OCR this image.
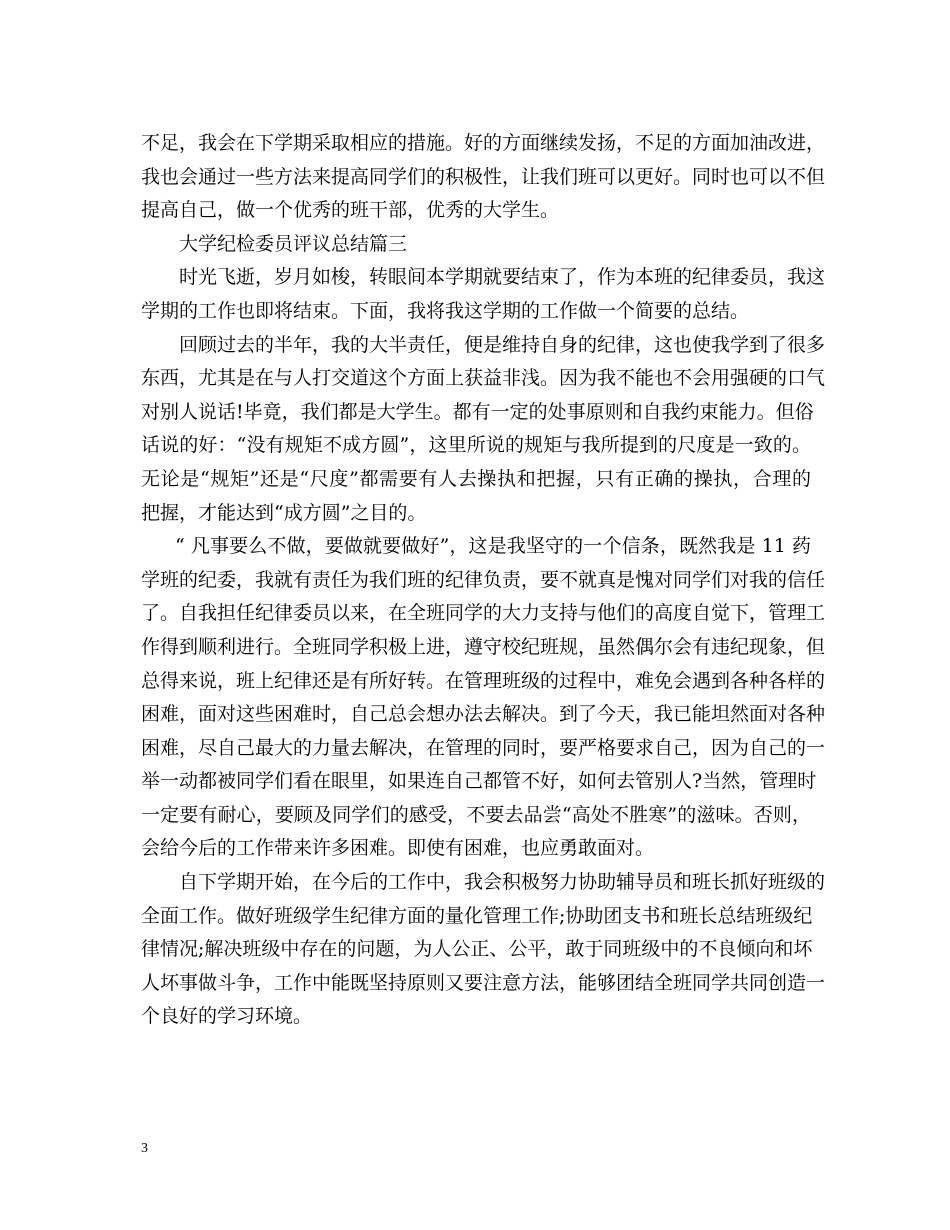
不足，我会在下学期采取相应的措施。好的方面继续发扬，不足的方面加油改进，
我也会通过一些方法来提高同学们的积极性，让我们班可以更好。同时也可以不但
提高自己，做一个优秀的班干部，优秀的大学生。
大学纪检委员评议总结篇三
时光飞逝，岁月如梭，转眼间本学期就要结束了，作为本班的纪律委员，我这
学期的工作也即将结束。下面，我将我这学期的工作做一个简要的总结。
回顾过去的半年，我的大半责任，便是维持自身的纪律，这也使我学到了很多
东西，尤其是在与人打交道这个方面上获益非浅。因为我不能也不会用强硬的口气
对别人说话!毕竟，我们都是大学生。都有一定的处事原则和自我约束能力。但俗
话说的好：“没有规矩不成方圆”，这里所说的规矩与我所提到的尺度是一致的。
无论是“规矩”还是“尺度”都需要有人去操执和把握，只有正确的操执，合理的
把握，才能达到“成方圆”之目的。
“ 凡事要么不做，要做就要做好”，这是我坚守的一个信条，既然我是 11 药
学班的纪委，我就有责任为我们班的纪律负责，要不就真是愧对同学们对我的信任
了。自我担任纪律委员以来，在全班同学的大力支持与他们的高度自觉下，管理工
作得到顺利进行。全班同学积极上进，遵守校纪班规，虽然偶尔会有违纪现象，但
总得来说，班上纪律还是有所好转。在管理班级的过程中，难免会遇到各种各样的
困难，面对这些困难时，自己总会想办法去解决。到了今天，我已能坦然面对各种
困难，尽自己最大的力量去解决，在管理的同时，要严格要求自己，因为自己的一
举一动都被同学们看在眼里，如果连自己都管不好，如何去管别人?当然，管理时
一定要有耐心，要顾及同学们的感受，不要去品尝“高处不胜寒”的滋味。否则，
会给今后的工作带来许多困难。即使有困难，也应勇敢面对。
自下学期开始，在今后的工作中，我会积极努力协助辅导员和班长抓好班级的
全面工作。做好班级学生纪律方面的量化管理工作;协助团支书和班长总结班级纪
律情况;解决班级中存在的问题，为人公正、公平，敢于同班级中的不良倾向和坏
人坏事做斗争，工作中能既坚持原则又要注意方法，能够团结全班同学共同创造一
个良好的学习环境。
3
